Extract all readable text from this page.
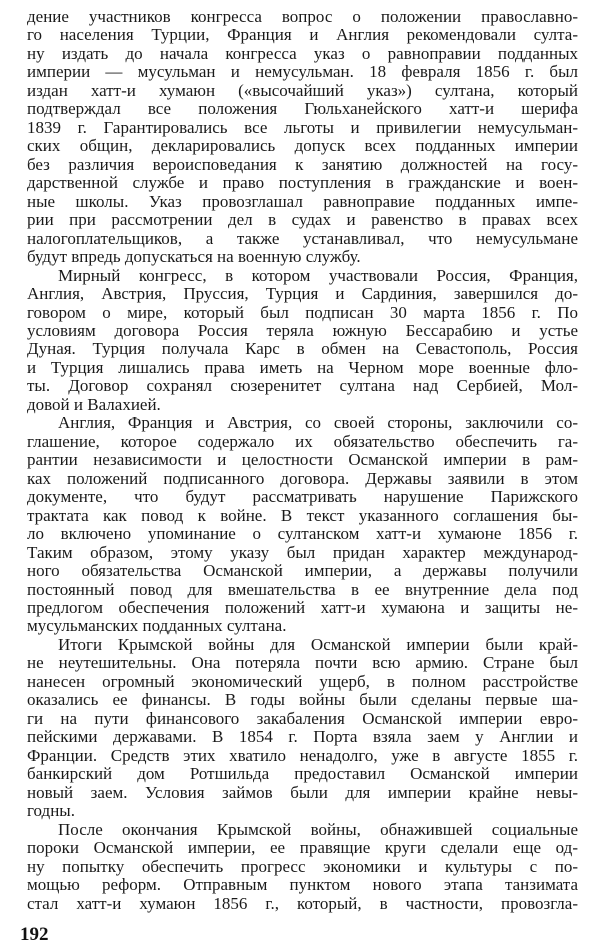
дение участников конгресса вопрос о положении православно-
го населения Турции, Франция и Англия рекомендовали султа-
ну издать до начала конгресса указ о равноправии подданных
империи — мусульман и немусульман. 18 февраля 1856 г. был
издан хатт-и хумаюн («высочайший указ») султана, который
подтверждал все положения Гюльханейского хатт-и шерифа
1839 г. Гарантировались все льготы и привилегии немусульман-
ских общин, декларировались допуск всех подданных империи
без различия вероисповедания к занятию должностей на госу-
дарственной службе и право поступления в гражданские и воен-
ные школы. Указ провозглашал равноправие подданных импе-
рии при рассмотрении дел в судах и равенство в правах всех
налогоплательщиков, а также устанавливал, что немусульмане
будут впредь допускаться на военную службу.
Мирный конгресс, в котором участвовали Россия, Франция,
Англия, Австрия, Пруссия, Турция и Сардиния, завершился до-
говором о мире, который был подписан 30 марта 1856 г. По
условиям договора Россия теряла южную Бессарабию и устье
Дуная. Турция получала Карс в обмен на Севастополь, Россия
и Турция лишались права иметь на Черном море военные фло-
ты. Договор сохранял сюзеренитет султана над Сербией, Мол-
довой и Валахией.
Англия, Франция и Австрия, со своей стороны, заключили со-
глашение, которое содержало их обязательство обеспечить га-
рантии независимости и целостности Османской империи в рам-
ках положений подписанного договора. Державы заявили в этом
документе, что будут рассматривать нарушение Парижского
трактата как повод к войне. В текст указанного соглашения бы-
ло включено упоминание о султанском хатт-и хумаюне 1856 г.
Таким образом, этому указу был придан характер международ-
ного обязательства Османской империи, а державы получили
постоянный повод для вмешательства в ее внутренние дела под
предлогом обеспечения положений хатт-и хумаюна и защиты не-
мусульманских подданных султана.
Итоги Крымской войны для Османской империи были край-
не неутешительны. Она потеряла почти всю армию. Стране был
нанесен огромный экономический ущерб, в полном расстройстве
оказались ее финансы. В годы войны были сделаны первые ша-
ги на пути финансового закабаления Османской империи евро-
пейскими державами. В 1854 г. Порта взяла заем у Англии и
Франции. Средств этих хватило ненадолго, уже в августе 1855 г.
банкирский дом Ротшильда предоставил Османской империи
новый заем. Условия займов были для империи крайне невы-
годны.
После окончания Крымской войны, обнажившей социальные
пороки Османской империи, ее правящие круги сделали еще од-
ну попытку обеспечить прогресс экономики и культуры с по-
мощью реформ. Отправным пунктом нового этапа танзимата
стал хатт-и хумаюн 1856 г., который, в частности, провозгла-
192
